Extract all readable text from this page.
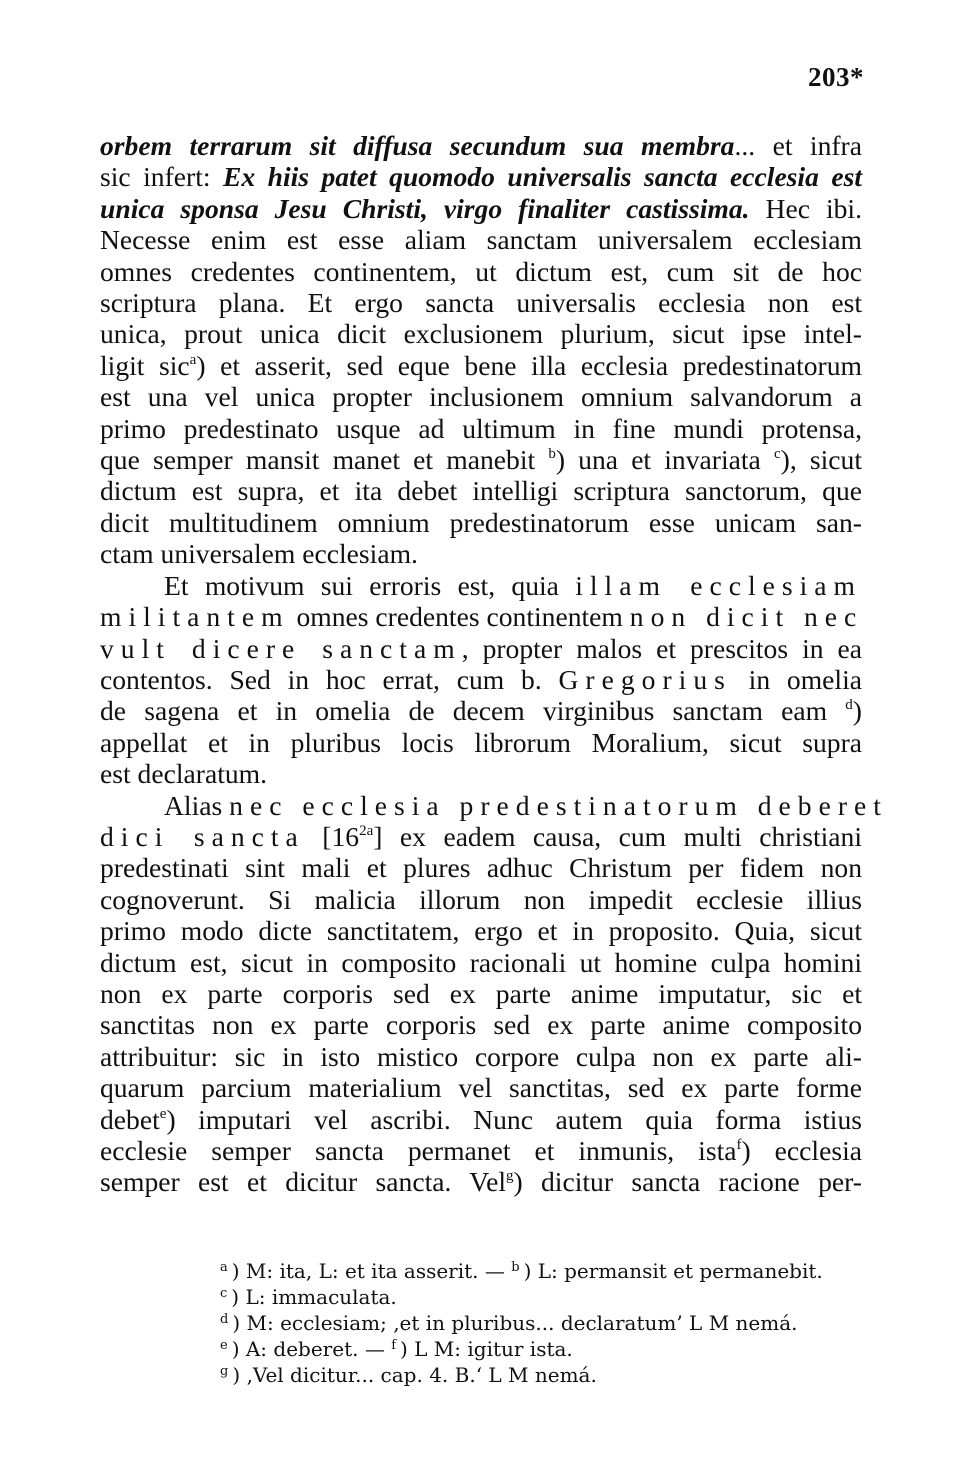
203*
orbem terrarum sit diffusa secundum sua membra... et infra
sic infert: Ex hiis patet quomodo universalis sancta ecclesia est
unica sponsa Jesu Christi, virgo finaliter castissima. Hec ibi.
Necesse enim est esse aliam sanctam universalem ecclesiam
omnes credentes continentem, ut dictum est, cum sit de hoc
scriptura plana. Et ergo sancta universalis ecclesia non est
unica, prout unica dicit exclusionem plurium, sicut ipse intel-
ligit sic$^a$) et asserit, sed eque bene illa ecclesia predestinatorum
est una vel unica propter inclusionem omnium salvandorum a
primo predestinato usque ad ultimum in fine mundi protensa,
que semper mansit manet et manebit $^b$) una et invariata $^c$), sicut
dictum est supra, et ita debet intelligi scriptura sanctorum, que
dicit multitudinem omnium predestinatorum esse unicam san-
ctam universalem ecclesiam.
Et motivum sui erroris est, quia illam ecclesiam
militantem omnes credentes continentem non dicit nec
vult dicere sanctam, propter malos et prescitos in ea
contentos. Sed in hoc errat, cum b. Gregorius in omelia
de sagena et in omelia de decem virginibus sanctam eam $^d$)
appellat et in pluribus locis librorum Moralium, sicut supra
est declaratum.
Alias nec ecclesia predestinatorum deberet
dici sancta $[16^{2a}]$ ex eadem causa, cum multi christiani
predestinati sint mali et plures adhuc Christum per fidem non
cognoverunt. Si malicia illorum non impedit ecclesie illius
primo modo dicte sanctitatem, ergo et in proposito. Quia, sicut
dictum est, sicut in composito racionali ut homine culpa homini
non ex parte corporis sed ex parte anime imputatur, sic et
sanctitas non ex parte corporis sed ex parte anime composito
attribuitur: sic in isto mistico corpore culpa non ex parte ali-
quarum parcium materialium vel sanctitas, sed ex parte forme
debet$^e$) imputari vel ascribi. Nunc autem quia forma istius
ecclesie semper sancta permanet et inmunis, ista$^f$) ecclesia
semper est et dicitur sancta. Vel$^g$) dicitur sancta racione per-
$^a$ ) M: ita, L: et ita asserit. — $^b$ ) L: permansit et permanebit.
$^c$ ) L: immaculata.
$^d$ ) M: ecclesiam; ‚et in pluribus... declaratum’ L M nemá.
$^e$ ) A: deberet. — $^f$ ) L M: igitur ista.
$^g$ ) ‚Vel dicitur... cap. 4. B.‘ L M nemá.
